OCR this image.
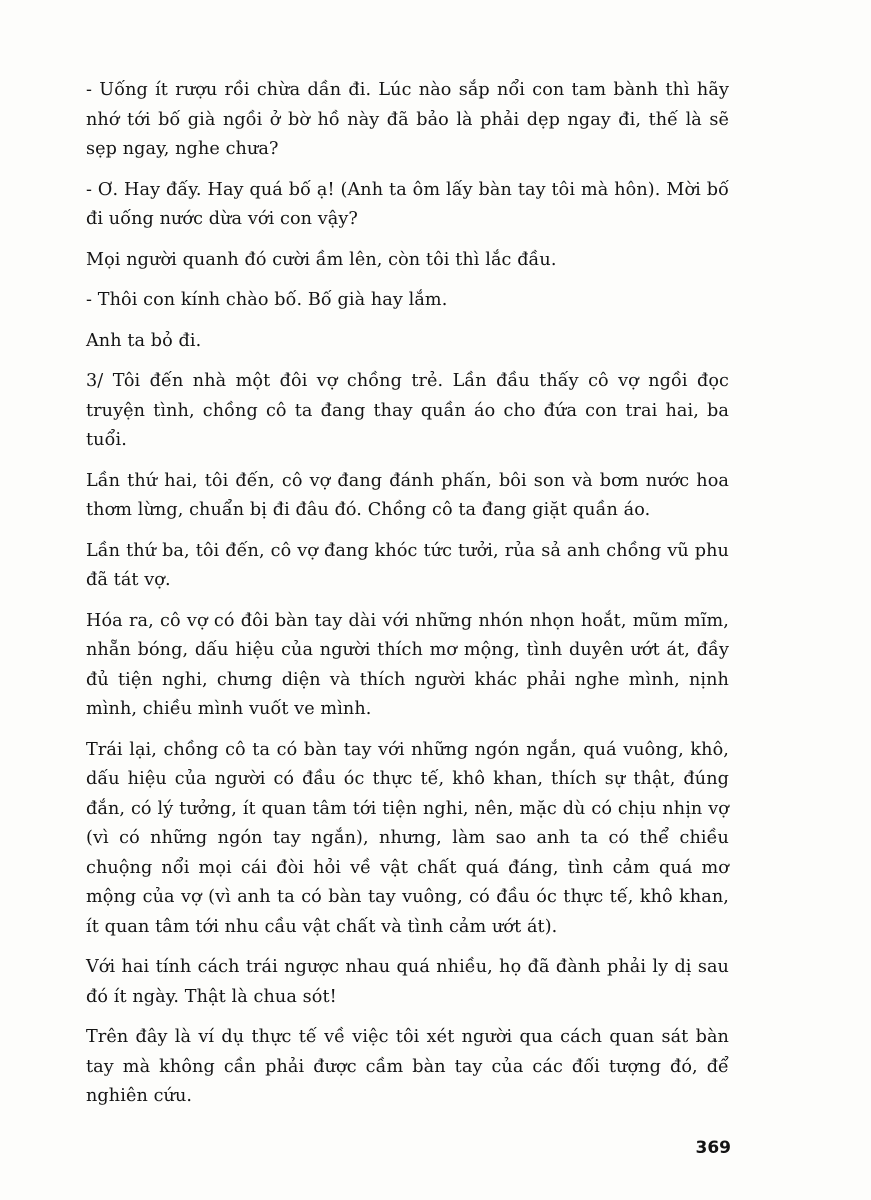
- Uống ít rượu rồi chừa dần đi. Lúc nào sắp nổi con tam bành thì hãy nhớ tới bố già ngồi ở bờ hồ này đã bảo là phải dẹp ngay đi, thế là sẽ sẹp ngay, nghe chưa?

- Ơ. Hay đấy. Hay quá bố ạ! (Anh ta ôm lấy bàn tay tôi mà hôn). Mời bố đi uống nước dừa với con vậy?

Mọi người quanh đó cười ầm lên, còn tôi thì lắc đầu.

- Thôi con kính chào bố. Bố già hay lắm.

Anh ta bỏ đi.

3/ Tôi đến nhà một đôi vợ chồng trẻ. Lần đầu thấy cô vợ ngồi đọc truyện tình, chồng cô ta đang thay quần áo cho đứa con trai hai, ba tuổi.

Lần thứ hai, tôi đến, cô vợ đang đánh phấn, bôi son và bơm nước hoa thơm lừng, chuẩn bị đi đâu đó. Chồng cô ta đang giặt quần áo.

Lần thứ ba, tôi đến, cô vợ đang khóc tức tưởi, rủa sả anh chồng vũ phu đã tát vợ.

Hóa ra, cô vợ có đôi bàn tay dài với những nhón nhọn hoắt, mũm mĩm, nhẵn bóng, dấu hiệu của người thích mơ mộng, tình duyên ướt át, đầy đủ tiện nghi, chưng diện và thích người khác phải nghe mình, nịnh mình, chiều mình vuốt ve mình.

Trái lại, chồng cô ta có bàn tay với những ngón ngắn, quá vuông, khô, dấu hiệu của người có đầu óc thực tế, khô khan, thích sự thật, đúng đắn, có lý tưởng, ít quan tâm tới tiện nghi, nên, mặc dù có chịu nhịn vợ (vì có những ngón tay ngắn), nhưng, làm sao anh ta có thể chiều chuộng nổi mọi cái đòi hỏi về vật chất quá đáng, tình cảm quá mơ mộng của vợ (vì anh ta có bàn tay vuông, có đầu óc thực tế, khô khan, ít quan tâm tới nhu cầu vật chất và tình cảm ướt át).

Với hai tính cách trái ngược nhau quá nhiều, họ đã đành phải ly dị sau đó ít ngày. Thật là chua sót!

Trên đây là ví dụ thực tế về việc tôi xét người qua cách quan sát bàn tay mà không cần phải được cầm bàn tay của các đối tượng đó, để nghiên cứu.

369
